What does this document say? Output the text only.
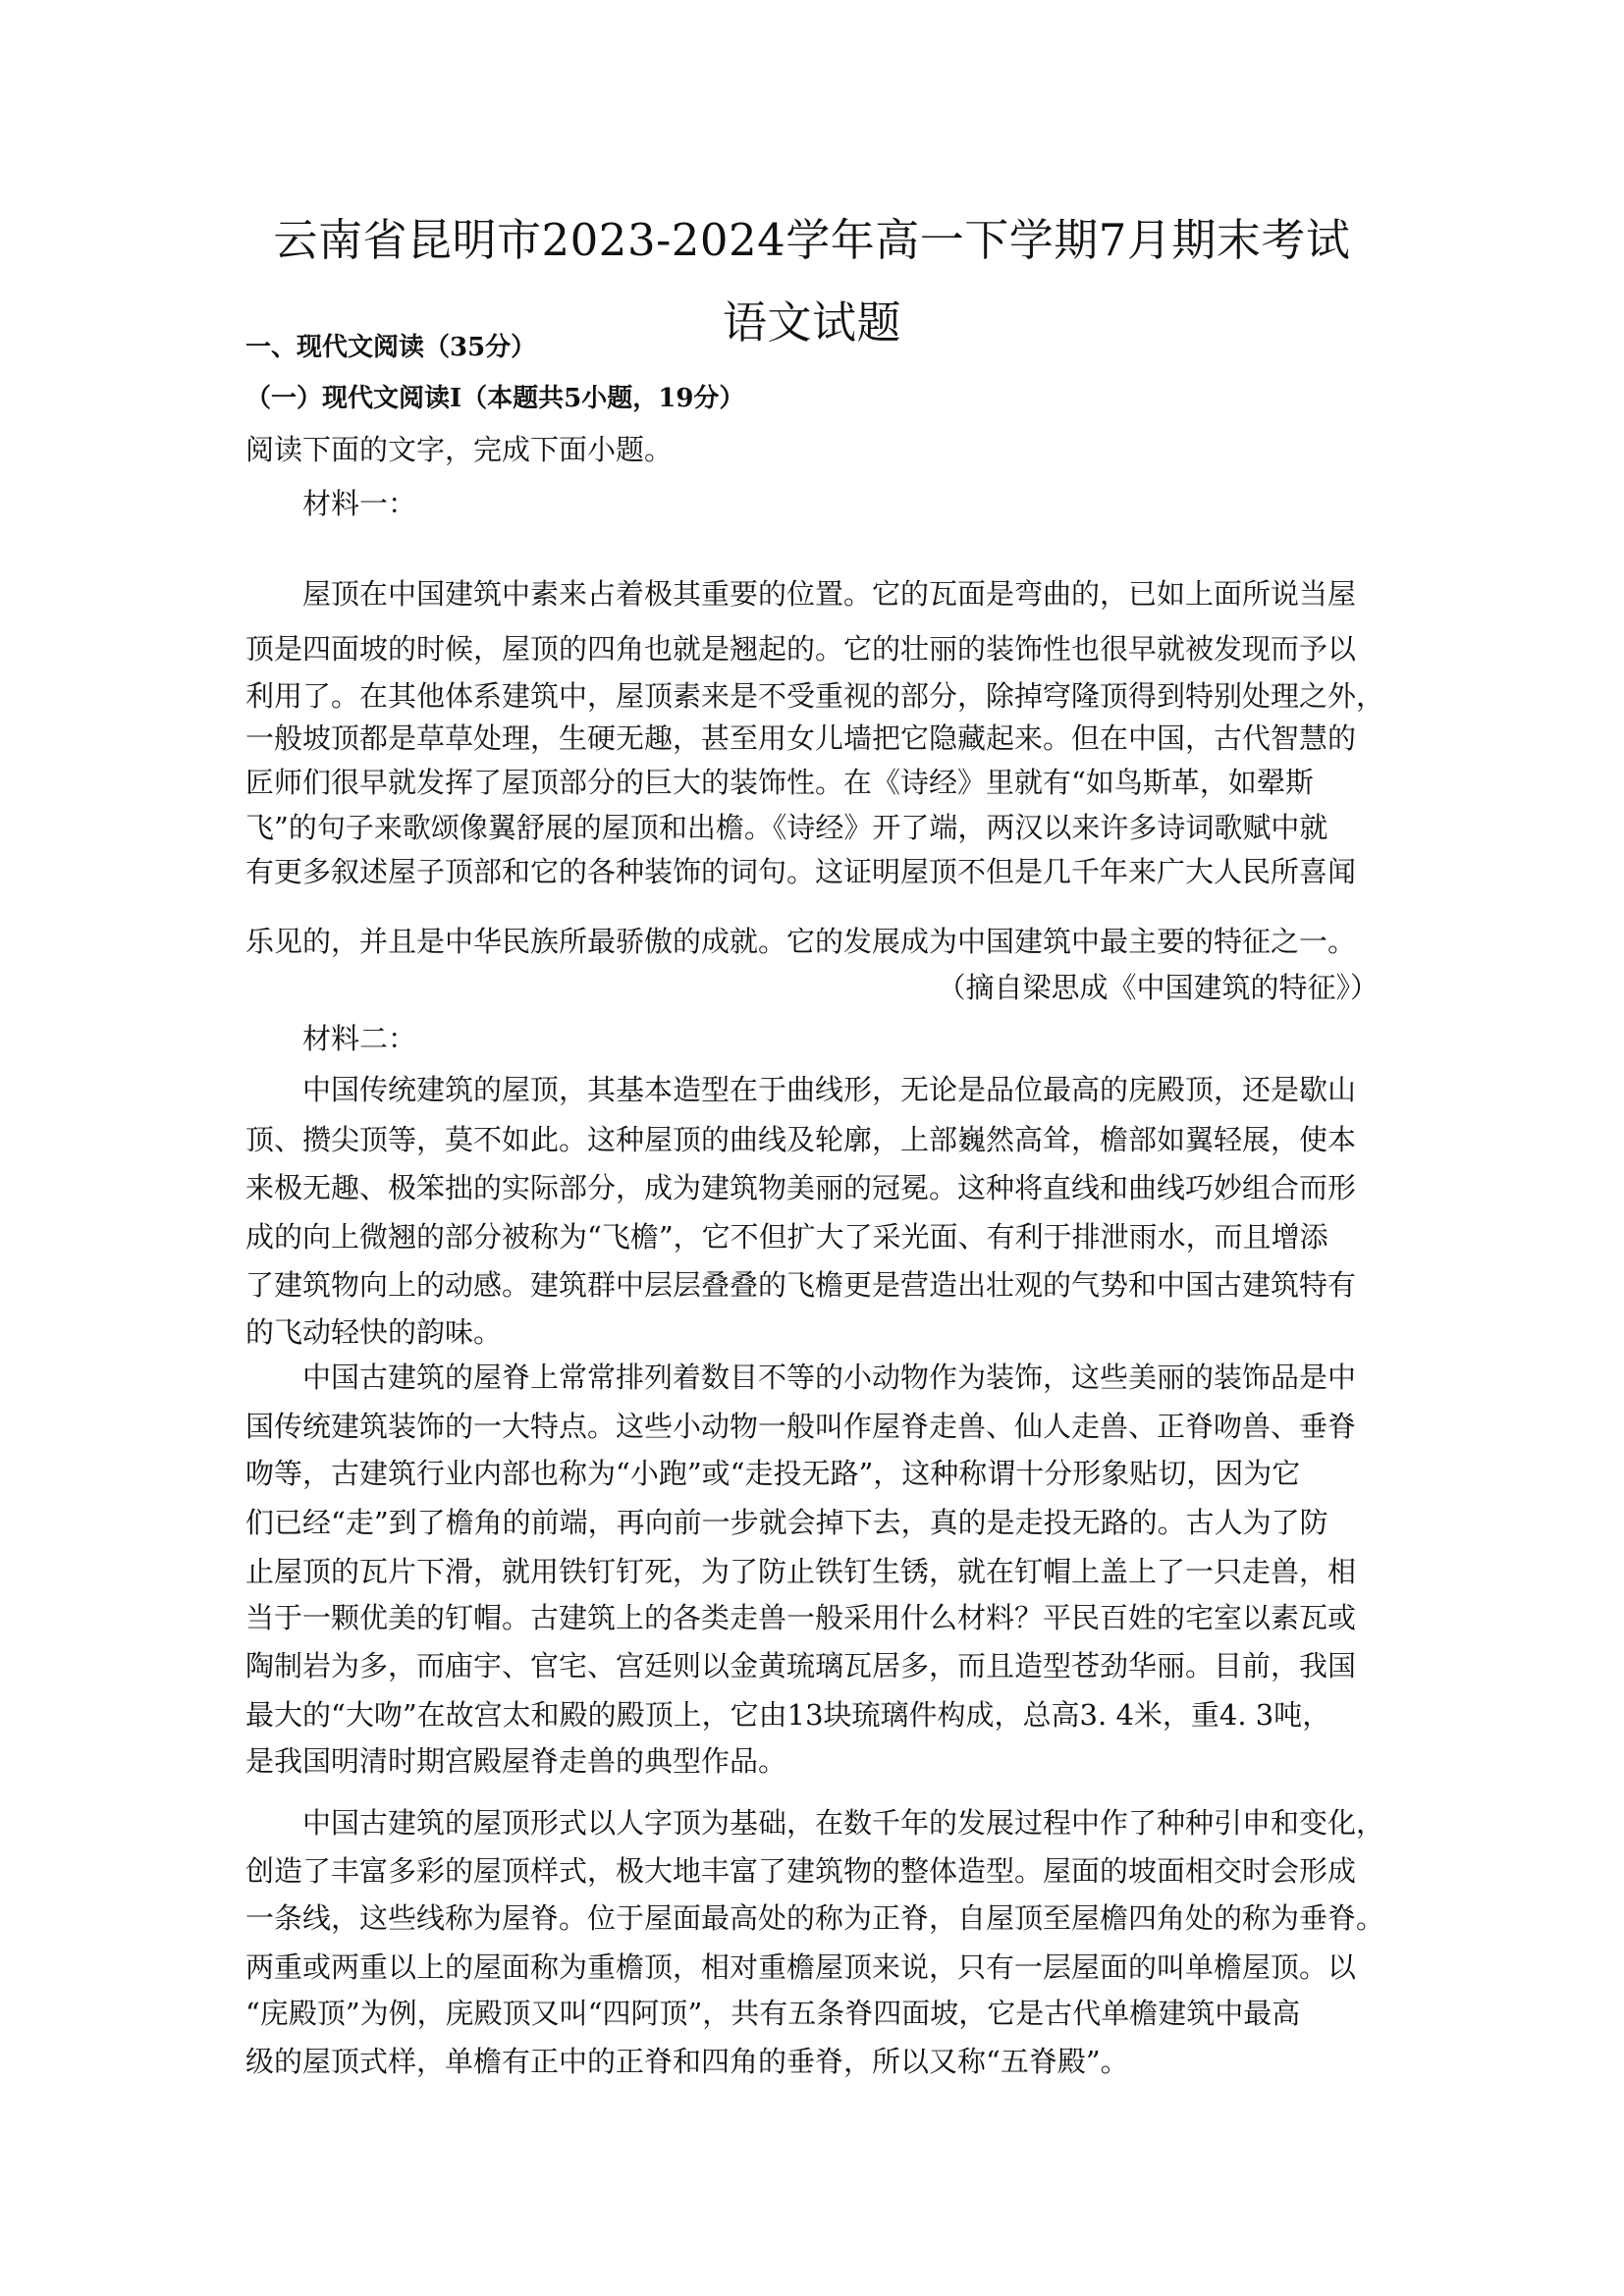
云南省昆明市2023-2024学年高一下学期7月期末考试
语文试题
一、现代文阅读（35分）
（一）现代文阅读Ⅰ（本题共5小题，19分）
阅读下面的文字，完成下面小题。
材料一：
屋顶在中国建筑中素来占着极其重要的位置。它的瓦面是弯曲的，已如上面所说当屋
顶是四面坡的时候，屋顶的四角也就是翘起的。它的壮丽的装饰性也很早就被发现而予以
利用了。在其他体系建筑中，屋顶素来是不受重视的部分，除掉穹隆顶得到特别处理之外，
一般坡顶都是草草处理，生硬无趣，甚至用女儿墙把它隐藏起来。但在中国，古代智慧的
匠师们很早就发挥了屋顶部分的巨大的装饰性。在《诗经》里就有“如鸟斯革，如翚斯
飞”的句子来歌颂像翼舒展的屋顶和出檐。《诗经》开了端，两汉以来许多诗词歌赋中就
有更多叙述屋子顶部和它的各种装饰的词句。这证明屋顶不但是几千年来广大人民所喜闻
乐见的，并且是中华民族所最骄傲的成就。它的发展成为中国建筑中最主要的特征之一。
（摘自梁思成《中国建筑的特征》）
材料二：
中国传统建筑的屋顶，其基本造型在于曲线形，无论是品位最高的庑殿顶，还是歇山
顶、攒尖顶等，莫不如此。这种屋顶的曲线及轮廓，上部巍然高耸，檐部如翼轻展，使本
来极无趣、极笨拙的实际部分，成为建筑物美丽的冠冕。这种将直线和曲线巧妙组合而形
成的向上微翘的部分被称为“飞檐”，它不但扩大了采光面、有利于排泄雨水，而且增添
了建筑物向上的动感。建筑群中层层叠叠的飞檐更是营造出壮观的气势和中国古建筑特有
的飞动轻快的韵味。
中国古建筑的屋脊上常常排列着数目不等的小动物作为装饰，这些美丽的装饰品是中
国传统建筑装饰的一大特点。这些小动物一般叫作屋脊走兽、仙人走兽、正脊吻兽、垂脊
吻等，古建筑行业内部也称为“小跑”或“走投无路”，这种称谓十分形象贴切，因为它
们已经“走”到了檐角的前端，再向前一步就会掉下去，真的是走投无路的。古人为了防
止屋顶的瓦片下滑，就用铁钉钉死，为了防止铁钉生锈，就在钉帽上盖上了一只走兽，相
当于一颗优美的钉帽。古建筑上的各类走兽一般采用什么材料？平民百姓的宅室以素瓦或
陶制岩为多，而庙宇、官宅、宫廷则以金黄琉璃瓦居多，而且造型苍劲华丽。目前，我国
最大的“大吻”在故宫太和殿的殿顶上，它由13块琉璃件构成，总高3. 4米，重4. 3吨，
是我国明清时期宫殿屋脊走兽的典型作品。
中国古建筑的屋顶形式以人字顶为基础，在数千年的发展过程中作了种种引申和变化，
创造了丰富多彩的屋顶样式，极大地丰富了建筑物的整体造型。屋面的坡面相交时会形成
一条线，这些线称为屋脊。位于屋面最高处的称为正脊，自屋顶至屋檐四角处的称为垂脊。
两重或两重以上的屋面称为重檐顶，相对重檐屋顶来说，只有一层屋面的叫单檐屋顶。以
“庑殿顶”为例，庑殿顶又叫“四阿顶”，共有五条脊四面坡，它是古代单檐建筑中最高
级的屋顶式样，单檐有正中的正脊和四角的垂脊，所以又称“五脊殿”。
